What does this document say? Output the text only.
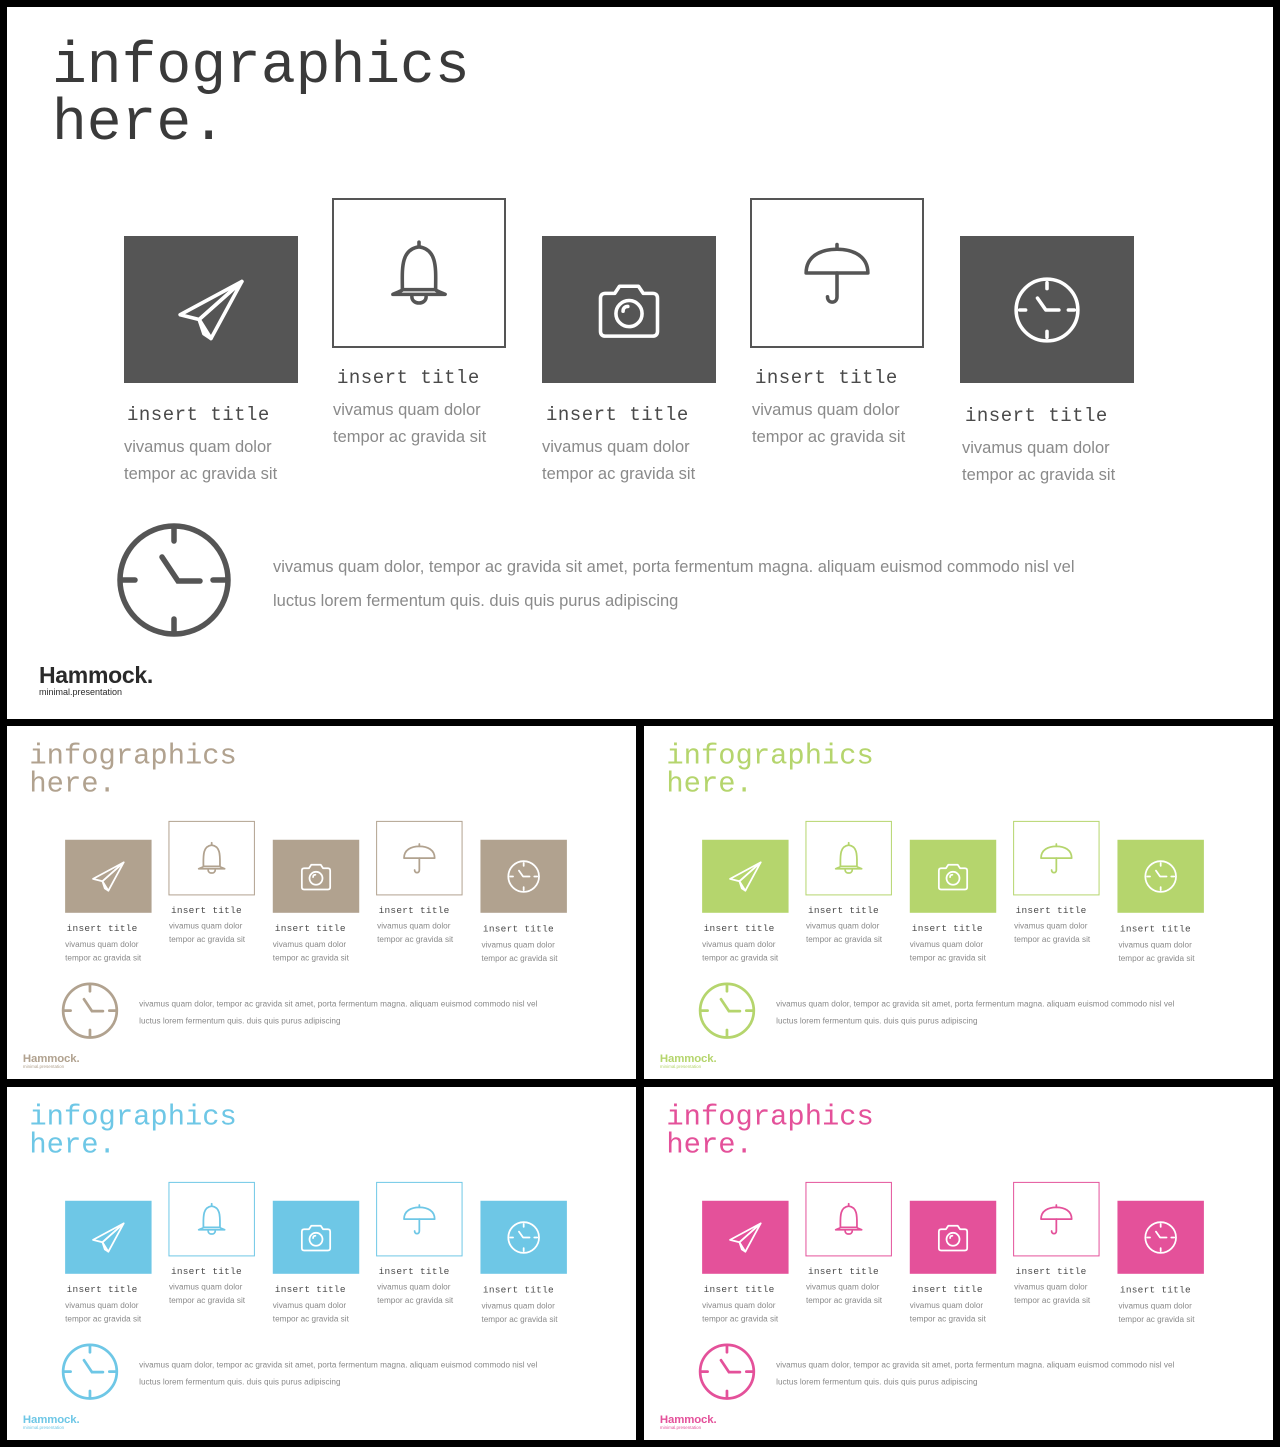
infographics
here.
insert title
vivamus quam dolor
tempor ac gravida sit
insert title
vivamus quam dolor
tempor ac gravida sit
insert title
vivamus quam dolor
tempor ac gravida sit
insert title
vivamus quam dolor
tempor ac gravida sit
insert title
vivamus quam dolor
tempor ac gravida sit
vivamus quam dolor, tempor ac gravida sit amet, porta fermentum magna. aliquam euismod commodo nisl vel
luctus lorem fermentum quis. duis quis purus adipiscing
Hammock.
minimal.presentation
infographics
here.
insert title
vivamus quam dolor
tempor ac gravida sit
insert title
vivamus quam dolor
tempor ac gravida sit
insert title
vivamus quam dolor
tempor ac gravida sit
insert title
vivamus quam dolor
tempor ac gravida sit
insert title
vivamus quam dolor
tempor ac gravida sit
vivamus quam dolor, tempor ac gravida sit amet, porta fermentum magna. aliquam euismod commodo nisl vel
luctus lorem fermentum quis. duis quis purus adipiscing
Hammock.
minimal.presentation
infographics
here.
insert title
vivamus quam dolor
tempor ac gravida sit
insert title
vivamus quam dolor
tempor ac gravida sit
insert title
vivamus quam dolor
tempor ac gravida sit
insert title
vivamus quam dolor
tempor ac gravida sit
insert title
vivamus quam dolor
tempor ac gravida sit
vivamus quam dolor, tempor ac gravida sit amet, porta fermentum magna. aliquam euismod commodo nisl vel
luctus lorem fermentum quis. duis quis purus adipiscing
Hammock.
minimal.presentation
infographics
here.
insert title
vivamus quam dolor
tempor ac gravida sit
insert title
vivamus quam dolor
tempor ac gravida sit
insert title
vivamus quam dolor
tempor ac gravida sit
insert title
vivamus quam dolor
tempor ac gravida sit
insert title
vivamus quam dolor
tempor ac gravida sit
vivamus quam dolor, tempor ac gravida sit amet, porta fermentum magna. aliquam euismod commodo nisl vel
luctus lorem fermentum quis. duis quis purus adipiscing
Hammock.
minimal.presentation
infographics
here.
insert title
vivamus quam dolor
tempor ac gravida sit
insert title
vivamus quam dolor
tempor ac gravida sit
insert title
vivamus quam dolor
tempor ac gravida sit
insert title
vivamus quam dolor
tempor ac gravida sit
insert title
vivamus quam dolor
tempor ac gravida sit
vivamus quam dolor, tempor ac gravida sit amet, porta fermentum magna. aliquam euismod commodo nisl vel
luctus lorem fermentum quis. duis quis purus adipiscing
Hammock.
minimal.presentation
